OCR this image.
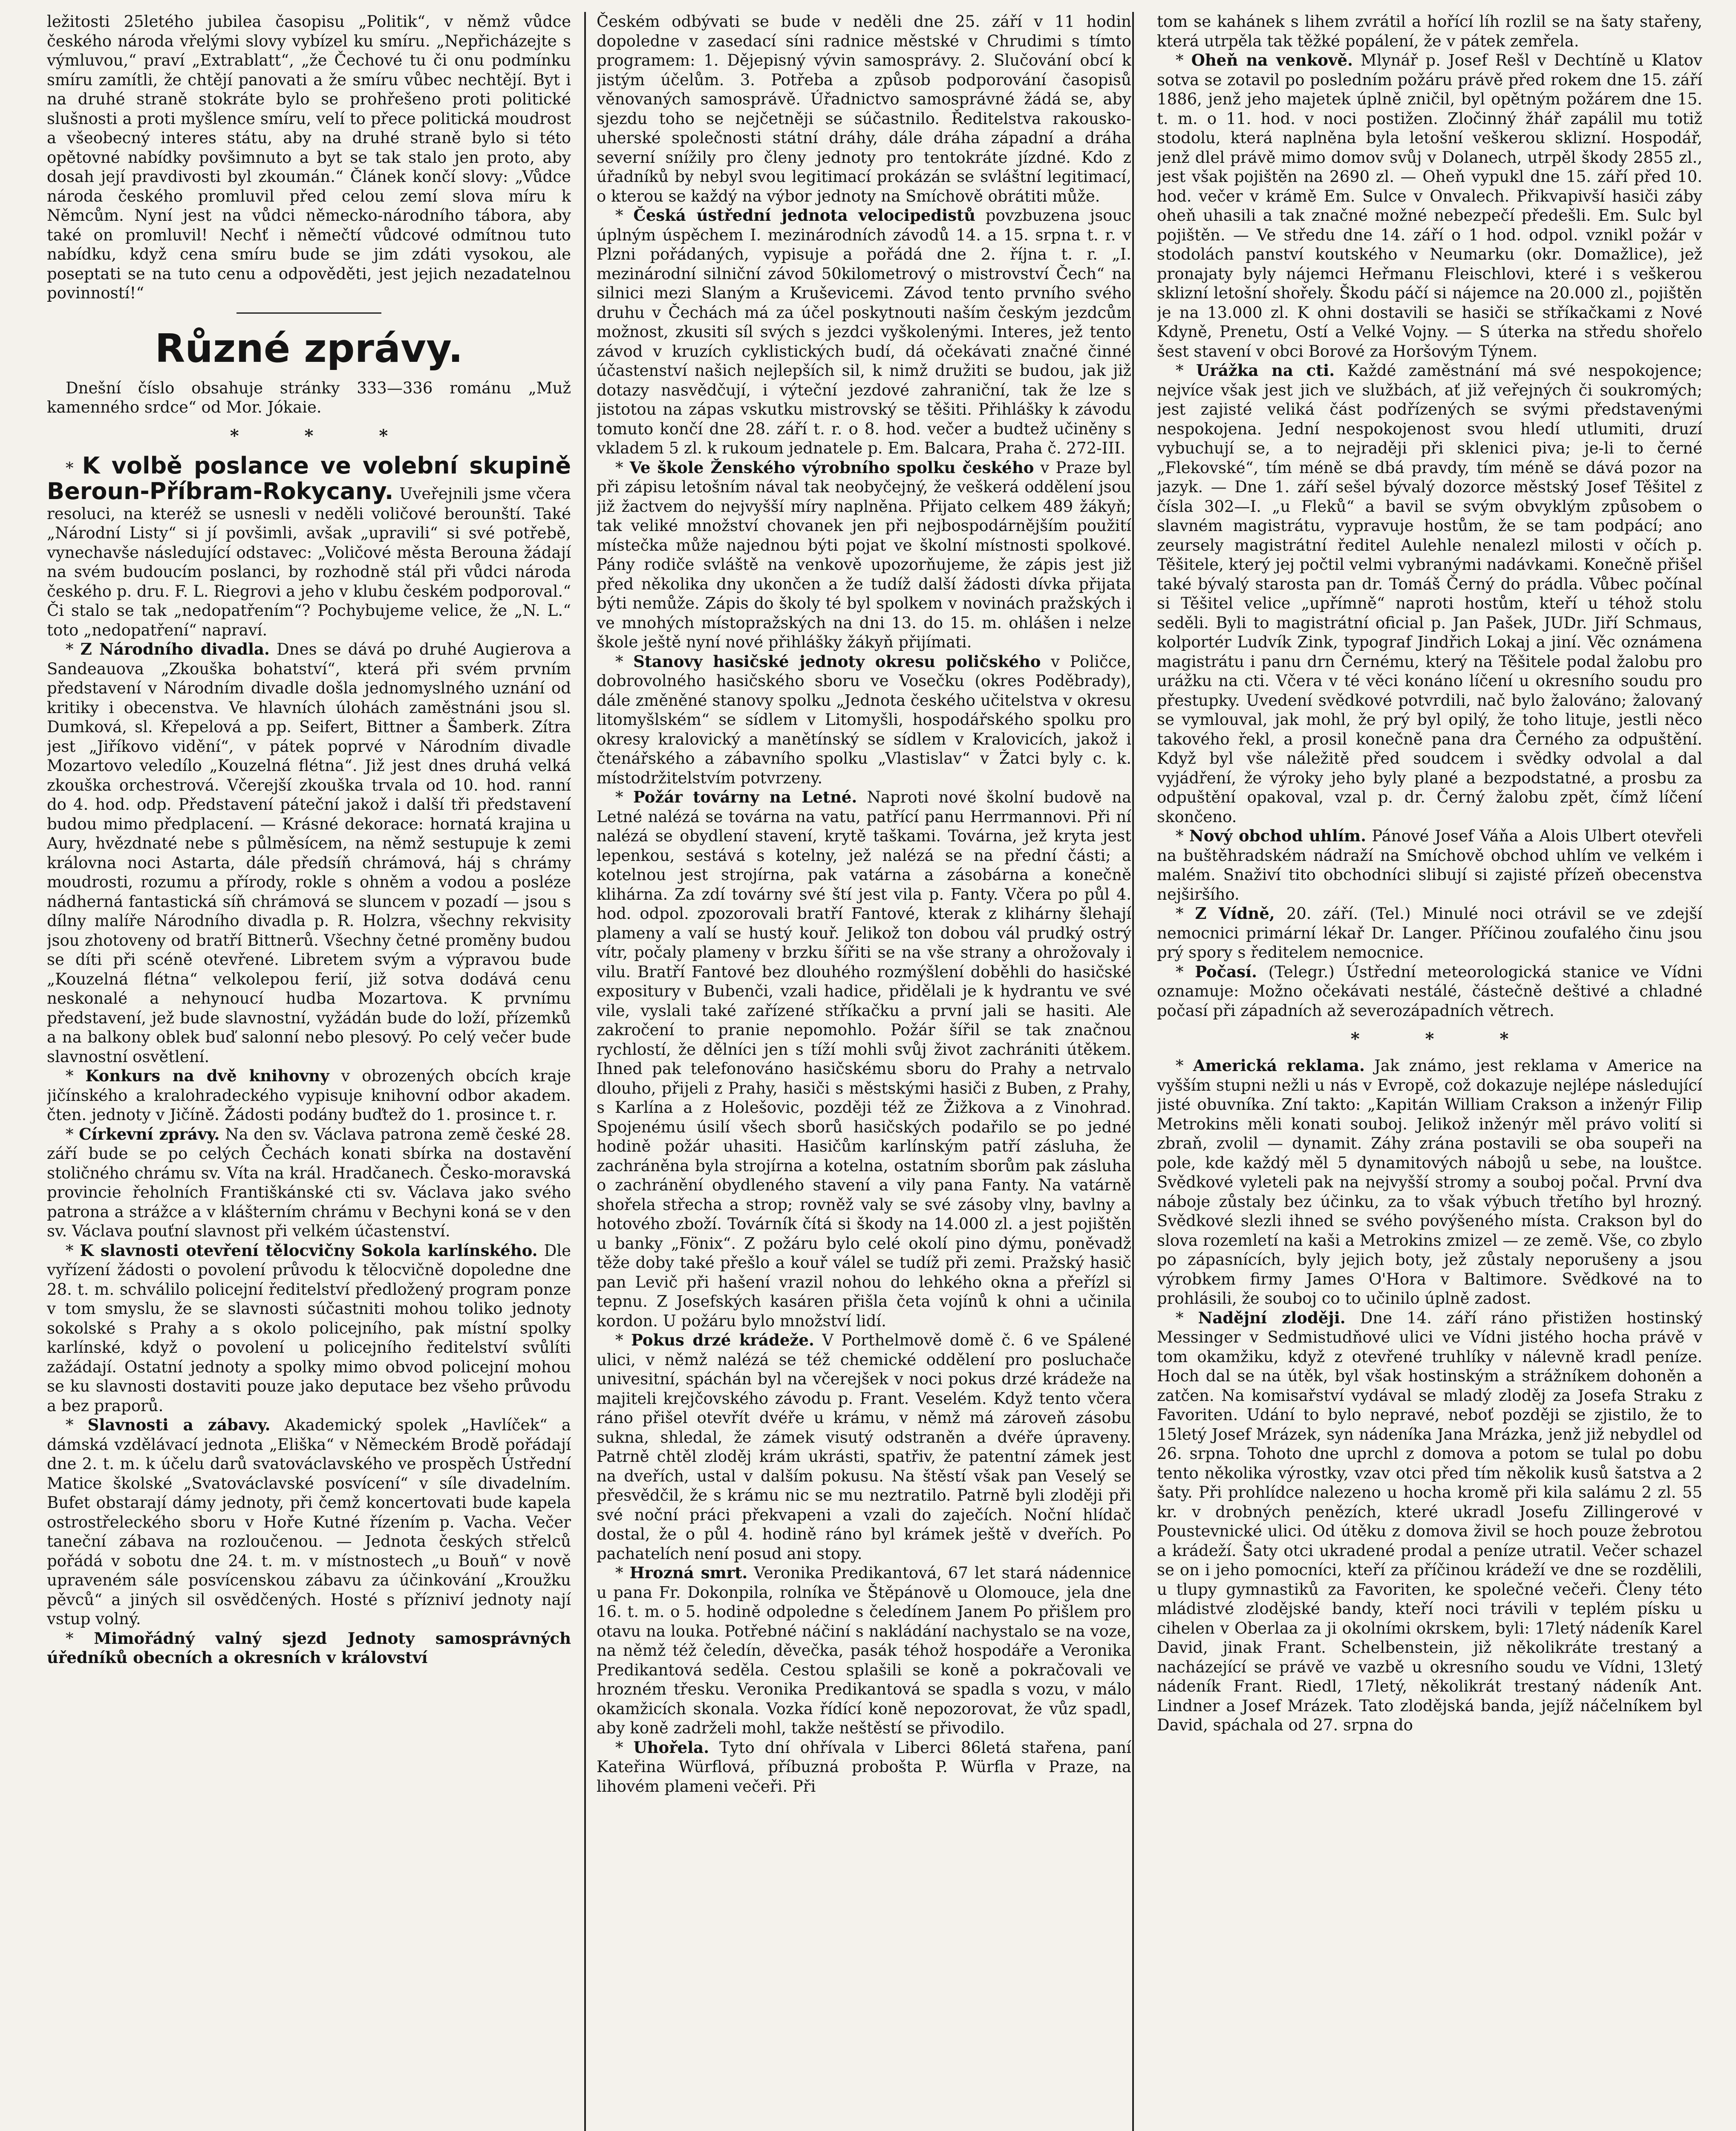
ležitosti 25letého jubilea časopisu „Politik“, v němž vůdce českého národa vřelými slovy vybízel ku smíru. „Nepřicházejte s výmluvou,“ praví „Extrablatt“, „že Čechové tu či onu podmínku smíru zamítli, že chtějí panovati a že smíru vůbec nechtějí. Byt i na druhé straně stokráte bylo se prohřešeno proti politické slušnosti a proti myšlence smíru, velí to přece politická moudrost a všeobecný interes státu, aby na druhé straně bylo si této opětovné nabídky povšimnuto a byt se tak stalo jen proto, aby dosah její pravdivosti byl zkoumán.“ Článek končí slovy: „Vůdce národa českého promluvil před celou zemí slova míru k Němcům. Nyní jest na vůdci německo-národního tábora, aby také on promluvil! Nechť i němečtí vůdcové odmítnou tuto nabídku, když cena smíru bude se jim zdáti vysokou, ale poseptati se na tuto cenu a odpověděti, jest jejich nezadatelnou povinností!“

Různé zprávy.

Dnešní číslo obsahuje stránky 333—336 románu „Muž kamenného srdce“ od Mor. Jókaie.

* * *

* K volbě poslance ve volební skupině Beroun-Příbram-Rokycany. Uveřejnili jsme včera resoluci, na kteréž se usnesli v neděli voličové berounští. Také „Národní Listy“ si jí povšimli, avšak „upravili“ si své potřebě, vynechavše následující odstavec: „Voličové města Berouna žádají na svém budoucím poslanci, by rozhodně stál při vůdci národa českého p. dru. F. L. Riegrovi a jeho v klubu českém podporoval.“ Či stalo se tak „nedopatřením“? Pochybujeme velice, že „N. L.“ toto „nedopatření“ napraví.

* Z Národního divadla. Dnes se dává po druhé Augierova a Sandeauova „Zkouška bohatství“, která při svém prvním představení v Národním divadle došla jednomyslného uznání od kritiky i obecenstva. Ve hlavních úlohách zaměstnáni jsou sl. Dumková, sl. Křepelová a pp. Seifert, Bittner a Šamberk. Zítra jest „Jiříkovo vidění“, v pátek poprvé v Národním divadle Mozartovo veledílo „Kouzelná flétna“. Již jest dnes druhá velká zkouška orchestrová. Včerejší zkouška trvala od 10. hod. ranní do 4. hod. odp. Představení páteční jakož i další tři představení budou mimo předplacení. — Krásné dekorace: hornatá krajina u Aury, hvězdnaté nebe s půlměsícem, na němž sestupuje k zemi královna noci Astarta, dále předsíň chrámová, háj s chrámy moudrosti, rozumu a přírody, rokle s ohněm a vodou a posléze nádherná fantastická síň chrámová se sluncem v pozadí — jsou s dílny malíře Národního divadla p. R. Holzra, všechny rekvisity jsou zhotoveny od bratří Bittnerů. Všechny četné proměny budou se díti při scéně otevřené. Libretem svým a výpravou bude „Kouzelná flétna“ velkolepou ferií, již sotva dodává cenu neskonalé a nehynoucí hudba Mozartova. K prvnímu představení, jež bude slavnostní, vyžádán bude do loží, přízemků a na balkony oblek buď salonní nebo plesový. Po celý večer bude slavnostní osvětlení.

* Konkurs na dvě knihovny v obrozených obcích kraje jičínského a kralohradeckého vypisuje knihovní odbor akadem. čten. jednoty v Jičíně. Žádosti podány buďtež do 1. prosince t. r.

* Církevní zprávy. Na den sv. Václava patrona země české 28. září bude se po celých Čechách konati sbírka na dostavění stoličného chrámu sv. Víta na král. Hradčanech. Česko-moravská provincie řeholních Františkánské cti sv. Václava jako svého patrona a strážce a v klášterním chrámu v Bechyni koná se v den sv. Václava pouťní slavnost při velkém účastenství.

* K slavnosti otevření tělocvičny Sokola karlínského. Dle vyřízení žádosti o povolení průvodu k tělocvičně dopoledne dne 28. t. m. schválilo policejní ředitelství předložený program ponze v tom smyslu, že se slavnosti súčastniti mohou toliko jednoty sokolské s Prahy a s okolo policejního, pak místní spolky karlínské, když o povolení u policejního ředitelství svůlíti zažádají. Ostatní jednoty a spolky mimo obvod policejní mohou se ku slavnosti dostaviti pouze jako deputace bez všeho průvodu a bez praporů.

* Slavnosti a zábavy. Akademický spolek „Havlíček“ a dámská vzdělávací jednota „Eliška“ v Německém Brodě pořádají dne 2. t. m. k účelu darů svatováclavského ve prospěch Ústřední Matice školské „Svatováclavské posvícení“ v síle divadelním. Bufet obstarají dámy jednoty, při čemž koncertovati bude kapela ostrostřeleckého sboru v Hoře Kutné řízením p. Vacha. Večer taneční zábava na rozloučenou. — Jednota českých střelců pořádá v sobotu dne 24. t. m. v místnostech „u Bouň“ v nově upraveném sále posvícenskou zábavu za účinkování „Kroužku pěvců“ a jiných sil osvědčených. Hosté s přízniví jednoty nají vstup volný.

* Mimořádný valný sjezd Jednoty samosprávných úředníků obecních a okresních v království

Českém odbývati se bude v neděli dne 25. září v 11 hodin dopoledne v zasedací síni radnice městské v Chrudimi s tímto programem: 1. Dějepisný vývin samosprávy. 2. Slučování obcí k jistým účelům. 3. Potřeba a způsob podporování časopisů věnovaných samosprávě. Úřadnictvo samosprávné žádá se, aby sjezdu toho se nejčetněji se súčastnilo. Ředitelstva rakousko-uherské společnosti státní dráhy, dále dráha západní a dráha severní snížily pro členy jednoty pro tentokráte jízdné. Kdo z úřadníků by nebyl svou legitimací prokázán se svláštní legitimací, o kterou se každý na výbor jednoty na Smíchově obrátiti může.

* Česká ústřední jednota velocipedistů povzbuzena jsouc úplným úspěchem I. mezinárodních závodů 14. a 15. srpna t. r. v Plzni pořádaných, vypisuje a pořádá dne 2. října t. r. „I. mezinárodní silniční závod 50kilometrový o mistrovství Čech“ na silnici mezi Slaným a Kruševicemi. Závod tento prvního svého druhu v Čechách má za účel poskytnouti naším českým jezdcům možnost, zkusiti síl svých s jezdci vyškolenými. Interes, jež tento závod v kruzích cyklistických budí, dá očekávati značné činné účastenství našich nejlepších sil, k nimž družiti se budou, jak již dotazy nasvědčují, i výteční jezdové zahraniční, tak že lze s jistotou na zápas vskutku mistrovský se těšiti. Přihlášky k závodu tomuto končí dne 28. září t. r. o 8. hod. večer a budtež učiněny s vkladem 5 zl. k rukoum jednatele p. Em. Balcara, Praha č. 272-III.

* Ve škole Ženského výrobního spolku českého v Praze byl při zápisu letošním nával tak neobyčejný, že veškerá oddělení jsou již žactvem do nejvyšší míry naplněna. Přijato celkem 489 žákyň; tak veliké množství chovanek jen při nejbospodárnějším použití místečka může najednou býti pojat ve školní místnosti spolkové. Pány rodiče svláště na venkově upozorňujeme, že zápis jest již před několika dny ukončen a že tudíž další žádosti dívka přijata býti nemůže. Zápis do školy té byl spolkem v novinách pražských i ve mnohých místopražských na dni 13. do 15. m. ohlášen i nelze škole ještě nyní nové přihlášky žákyň přijímati.

* Stanovy hasičské jednoty okresu poličského v Poličce, dobrovolného hasičského sboru ve Vosečku (okres Poděbrady), dále změněné stanovy spolku „Jednota českého učitelstva v okresu litomyšlském“ se sídlem v Litomyšli, hospodářského spolku pro okresy kralovický a manětínský se sídlem v Kralovicích, jakož i čtenářského a zábavního spolku „Vlastislav“ v Žatci byly c. k. místodržitelstvím potvrzeny.

* Požár továrny na Letné. Naproti nové školní budově na Letné nalézá se továrna na vatu, patřící panu Herrmannovi. Při ní nalézá se obydlení stavení, krytě taškami. Továrna, jež kryta jest lepenkou, sestává s kotelny, jež nalézá se na přední části; a kotelnou jest strojírna, pak vatárna a zásobárna a konečně klihárna. Za zdí továrny své ští jest vila p. Fanty. Včera po půl 4. hod. odpol. zpozorovali bratří Fantové, kterak z klihárny šlehají plameny a valí se hustý kouř. Jelikož ton dobou vál prudký ostrý vítr, počaly plameny v brzku šířiti se na vše strany a ohrožovaly i vilu. Bratří Fantové bez dlouhého rozmýšlení doběhli do hasičské expositury v Bubenči, vzali hadice, přidělali je k hydrantu ve své vile, vyslali také zařízené stříkačku a první jali se hasiti. Ale zakročení to pranie nepomohlo. Požár šířil se tak značnou rychlostí, že dělníci jen s tíží mohli svůj život zachrániti útěkem. Ihned pak telefonováno hasičskému sboru do Prahy a netrvalo dlouho, přijeli z Prahy, hasiči s městskými hasiči z Buben, z Prahy, s Karlína a z Holešovic, později též ze Žižkova a z Vinohrad. Spojenému úsilí všech sborů hasičských podařilo se po jedné hodině požár uhasiti. Hasičům karlínským patří zásluha, že zachráněna byla strojírna a kotelna, ostatním sborům pak zásluha o zachránění obydleného stavení a vily pana Fanty. Na vatárně shořela střecha a strop; rovněž valy se své zásoby vlny, bavlny a hotového zboží. Továrník čítá si škody na 14.000 zl. a jest pojištěn u banky „Fönix“. Z požáru bylo celé okolí pino dýmu, poněvadž těže doby také přešlo a kouř válel se tudíž při zemi. Pražský hasič pan Levič při hašení vrazil nohou do lehkého okna a přeřízl si tepnu. Z Josefských kasáren přišla četa vojínů k ohni a učinila kordon. U požáru bylo množství lidí.

* Pokus drzé krádeže. V Porthelmově domě č. 6 ve Spálené ulici, v němž nalézá se též chemické oddělení pro posluchače univesitní, spáchán byl na včerejšek v noci pokus drzé krádeže na majiteli krejčovského závodu p. Frant. Veselém. Když tento včera ráno přišel otevřít dvéře u krámu, v němž má zároveň zásobu sukna, shledal, že zámek visutý odstraněn a dvéře úpraveny. Patrně chtěl zloděj krám ukrásti, spatřiv, že patentní zámek jest na dveřích, ustal v dalším pokusu. Na štěstí však pan Veselý se přesvědčil, že s krámu nic se mu neztratilo. Patrně byli zloději při své noční práci překvapeni a vzali do zaječích. Noční hlídač dostal, že o půl 4. hodině ráno byl krámek ještě v dveřích. Po pachatelích není posud ani stopy.

* Hrozná smrt. Veronika Predikantová, 67 let stará nádennice u pana Fr. Dokonpila, rolníka ve Štěpánově u Olomouce, jela dne 16. t. m. o 5. hodině odpoledne s čeledínem Janem Po přišlem pro otavu na louka. Potřebné náčiní s nakládání nachystalo se na voze, na němž též čeledín, děvečka, pasák téhož hospodáře a Veronika Predikantová seděla. Cestou splašili se koně a pokračovali ve hrozném třesku. Veronika Predikantová se spadla s vozu, v málo okamžicích skonala. Vozka řídící koně nepozorovat, že vůz spadl, aby koně zadrželi mohl, takže neštěstí se přivodilo.

* Uhořela. Tyto dní ohřívala v Liberci 86letá stařena, paní Kateřina Würflová, příbuzná probošta P. Würfla v Praze, na lihovém plameni večeři. Při

tom se kahánek s lihem zvrátil a hořící líh rozlil se na šaty stařeny, která utrpěla tak těžké popálení, že v pátek zemřela.

* Oheň na venkově. Mlynář p. Josef Rešl v Dechtíně u Klatov sotva se zotavil po posledním požáru právě před rokem dne 15. září 1886, jenž jeho majetek úplně zničil, byl opětným požárem dne 15. t. m. o 11. hod. v noci postižen. Zločinný žhář zapálil mu totiž stodolu, která naplněna byla letošní veškerou sklizní. Hospodář, jenž dlel právě mimo domov svůj v Dolanech, utrpěl škody 2855 zl., jest však pojištěn na 2690 zl. — Oheň vypukl dne 15. září před 10. hod. večer v krámě Em. Sulce v Onvalech. Přikvapivší hasiči záby oheň uhasili a tak značné možné nebezpečí předešli. Em. Sulc byl pojištěn. — Ve středu dne 14. září o 1 hod. odpol. vznikl požár v stodolách panství koutského v Neumarku (okr. Domažlice), jež pronajaty byly nájemci Heřmanu Fleischlovi, které i s veškerou sklizní letošní shořely. Škodu páčí si nájemce na 20.000 zl., pojištěn je na 13.000 zl. K ohni dostavili se hasiči se stříkačkami z Nové Kdyně, Prenetu, Ostí a Velké Vojny. — S úterka na středu shořelo šest stavení v obci Borové za Horšovým Týnem.

* Urážka na cti. Každé zaměstnání má své nespokojence; nejvíce však jest jich ve službách, ať již veřejných či soukromých; jest zajisté veliká část podřízených se svými představenými nespokojena. Jední nespokojenost svou hledí utlumiti, druzí vybuchují se, a to nejraději při sklenici piva; je-li to černé „Flekovské“, tím méně se dbá pravdy, tím méně se dává pozor na jazyk. — Dne 1. září sešel bývalý dozorce městský Josef Těšitel z čísla 302—I. „u Fleků“ a bavil se svým obvyklým způsobem o slavném magistrátu, vypravuje hostům, že se tam podpácí; ano zeursely magistrátní ředitel Aulehle nenalezl milosti v očích p. Těšitele, který jej počtil velmi vybranými nadávkami. Konečně přišel také bývalý starosta pan dr. Tomáš Černý do prádla. Vůbec počínal si Těšitel velice „upřímně“ naproti hostům, kteří u téhož stolu seděli. Byli to magistrátní oficial p. Jan Pašek, JUDr. Jiří Schmaus, kolportér Ludvík Zink, typograf Jindřich Lokaj a jiní. Věc oznámena magistrátu i panu drn Černému, který na Těšitele podal žalobu pro urážku na cti. Včera v té věci konáno líčení u okresního soudu pro přestupky. Uvedení svědkové potvrdili, nač bylo žalováno; žalovaný se vymlouval, jak mohl, že prý byl opilý, že toho lituje, jestli něco takového řekl, a prosil konečně pana dra Černého za odpuštění. Když byl vše náležitě před soudcem i svědky odvolal a dal vyjádření, že výroky jeho byly plané a bezpodstatné, a prosbu za odpuštění opakoval, vzal p. dr. Černý žalobu zpět, čímž líčení skončeno.

* Nový obchod uhlím. Pánové Josef Váňa a Alois Ulbert otevřeli na buštěhradském nádraží na Smíchově obchod uhlím ve velkém i malém. Snaživí tito obchodníci slibují si zajisté přízeň obecenstva nejširšího.

* Z Vídně, 20. září. (Tel.) Minulé noci otrávil se ve zdejší nemocnici primární lékař Dr. Langer. Příčinou zoufalého činu jsou prý spory s ředitelem nemocnice.

* Počasí. (Telegr.) Ústřední meteorologická stanice ve Vídni oznamuje: Možno očekávati nestálé, částečně deštivé a chladné počasí při západních až severozápadních větrech.

* * *

* Americká reklama. Jak známo, jest reklama v Americe na vyšším stupni nežli u nás v Evropě, což dokazuje nejlépe následující jisté obuvníka. Zní takto: „Kapitán William Crakson a inženýr Filip Metrokins měli konati souboj. Jelikož inženýr měl právo volití si zbraň, zvolil — dynamit. Záhy zrána postavili se oba soupeři na pole, kde každý měl 5 dynamitových nábojů u sebe, na louštce. Svědkové vyleteli pak na nejvyšší stromy a souboj počal. První dva náboje zůstaly bez účinku, za to však výbuch třetího byl hrozný. Svědkové slezli ihned se svého povýšeného místa. Crakson byl do slova rozemletí na kaši a Metrokins zmizel — ze země. Vše, co zbylo po zápasnících, byly jejich boty, jež zůstaly neporušeny a jsou výrobkem firmy James O'Hora v Baltimore. Svědkové na to prohlásili, že souboj co to učinilo úplně zadost.

* Nadějní zloději. Dne 14. září ráno přistižen hostinský Messinger v Sedmistudňové ulici ve Vídni jistého hocha právě v tom okamžiku, když z otevřené truhlíky v nálevně kradl peníze. Hoch dal se na útěk, byl však hostinským a strážníkem dohoněn a zatčen. Na komisařství vydával se mladý zloděj za Josefa Straku z Favoriten. Udání to bylo nepravé, neboť později se zjistilo, že to 15letý Josef Mrázek, syn nádeníka Jana Mrázka, jenž již nebydlel od 26. srpna. Tohoto dne uprchl z domova a potom se tulal po dobu tento několika výrostky, vzav otci před tím několik kusů šatstva a 2 šaty. Při prohlídce nalezeno u hocha kromě při kila salámu 2 zl. 55 kr. v drobných penězích, které ukradl Josefu Zillingerové v Poustevnické ulici. Od útěku z domova živil se hoch pouze žebrotou a krádeží. Šaty otci ukradené prodal a peníze utratil. Večer schazel se on i jeho pomocníci, kteří za příčinou krádeží ve dne se rozdělili, u tlupy gymnastiků za Favoriten, ke společné večeři. Členy této mládistvé zlodějské bandy, kteří noci trávili v teplém písku u cihelen v Oberlaa za ji okolními okrskem, byli: 17letý nádeník Karel David, jinak Frant. Schelbenstein, již několikráte trestaný a nacházející se právě ve vazbě u okresního soudu ve Vídni, 13letý nádeník Frant. Riedl, 17letý, několikrát trestaný nádeník Ant. Lindner a Josef Mrázek. Tato zlodějská banda, jejíž náčelníkem byl David, spáchala od 27. srpna do
